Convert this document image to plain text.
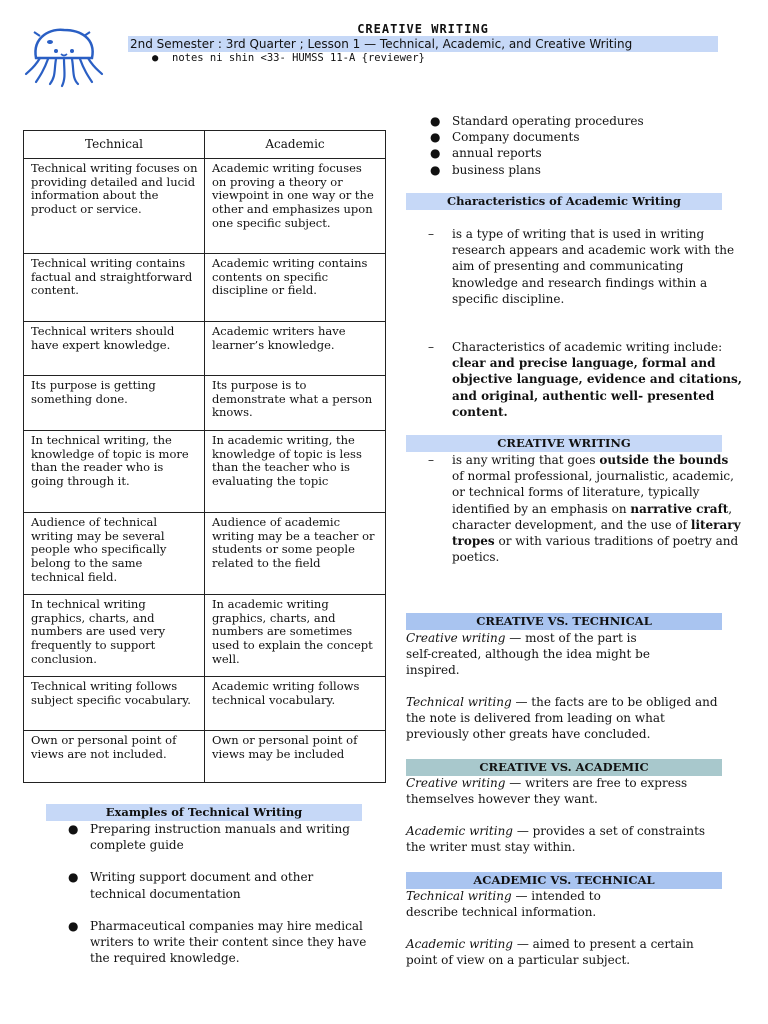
CREATIVE WRITING
2nd Semester : 3rd Quarter ; Lesson 1 — Technical, Academic, and Creative Writing
● notes ni shin <33- HUMSS 11-A {reviewer}
Technical	Academic
Technical writing focuses on providing detailed and lucid information about the product or service.	Academic writing focuses on proving a theory or viewpoint in one way or the other and emphasizes upon one specific subject.
Technical writing contains factual and straightforward content.	Academic writing contains contents on specific discipline or field.
Technical writers should have expert knowledge.	Academic writers have learner’s knowledge.
Its purpose is getting something done.	Its purpose is to demonstrate what a person knows.
In technical writing, the knowledge of topic is more than the reader who is going through it.	In academic writing, the knowledge of topic is less than the teacher who is evaluating the topic
Audience of technical writing may be several people who specifically belong to the same technical field.	Audience of academic writing may be a teacher or students or some people related to the field
In technical writing graphics, charts, and numbers are used very frequently to support conclusion.	In academic writing graphics, charts, and numbers are sometimes used to explain the concept well.
Technical writing follows subject specific vocabulary.	Academic writing follows technical vocabulary.
Own or personal point of views are not included.	Own or personal point of views may be included
Examples of Technical Writing
● Preparing instruction manuals and writing complete guide
● Writing support document and other technical documentation
● Pharmaceutical companies may hire medical writers to write their content since they have the required knowledge.
● Standard operating procedures
● Company documents
● annual reports
● business plans
Characteristics of Academic Writing
– is a type of writing that is used in writing research appears and academic work with the aim of presenting and communicating knowledge and research findings within a specific discipline.
– Characteristics of academic writing include: clear and precise language, formal and objective language, evidence and citations, and original, authentic well- presented content.
CREATIVE WRITING
– is any writing that goes outside the bounds of normal professional, journalistic, academic, or technical forms of literature, typically identified by an emphasis on narrative craft, character development, and the use of literary tropes or with various traditions of poetry and poetics.
CREATIVE VS. TECHNICAL
Creative writing — most of the part is self-created, although the idea might be inspired.
Technical writing — the facts are to be obliged and the note is delivered from leading on what previously other greats have concluded.
CREATIVE VS. ACADEMIC
Creative writing — writers are free to express themselves however they want.
Academic writing — provides a set of constraints the writer must stay within.
ACADEMIC VS. TECHNICAL
Technical writing — intended to describe technical information.
Academic writing — aimed to present a certain point of view on a particular subject.
